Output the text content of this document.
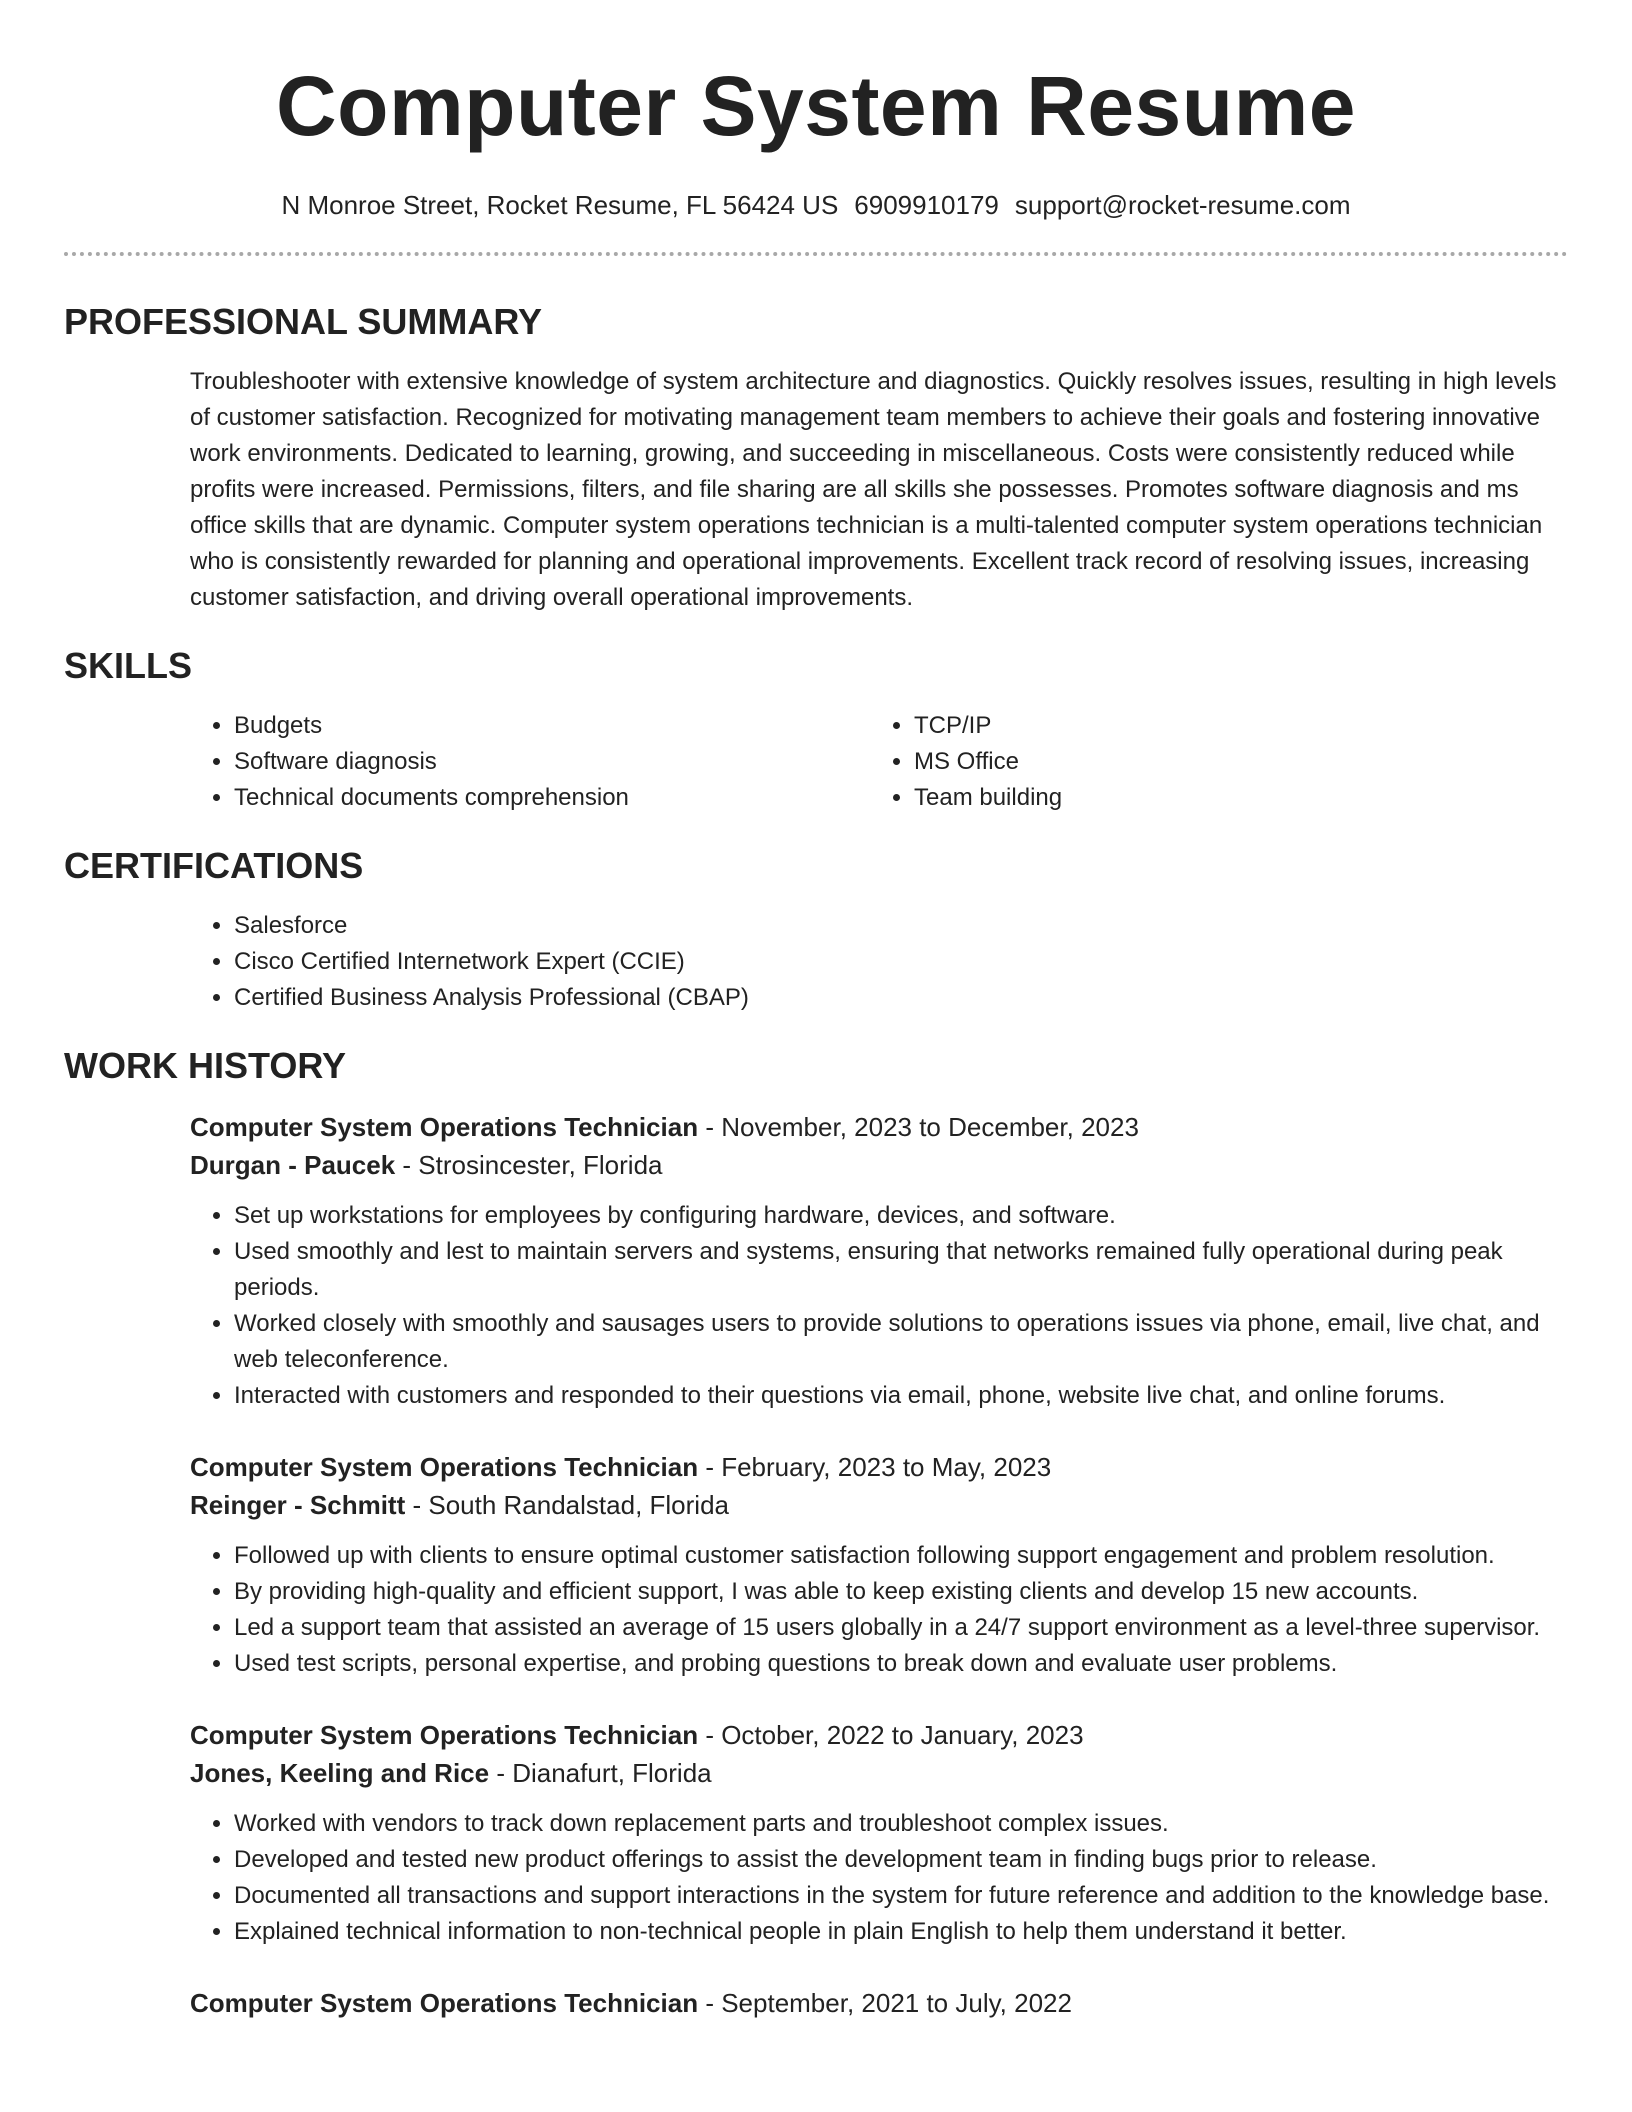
Computer System Resume
N Monroe Street, Rocket Resume, FL 56424 US 6909910179 support@rocket-resume.com
PROFESSIONAL SUMMARY

Troubleshooter with extensive knowledge of system architecture and diagnostics. Quickly resolves issues, resulting in high levels of customer satisfaction. Recognized for motivating management team members to achieve their goals and fostering innovative work environments. Dedicated to learning, growing, and succeeding in miscellaneous. Costs were consistently reduced while profits were increased. Permissions, filters, and file sharing are all skills she possesses. Promotes software diagnosis and ms office skills that are dynamic. Computer system operations technician is a multi-talented computer system operations technician who is consistently rewarded for planning and operational improvements. Excellent track record of resolving issues, increasing customer satisfaction, and driving overall operational improvements.

SKILLS
• Budgets
• Software diagnosis
• Technical documents comprehension
• TCP/IP
• MS Office
• Team building
CERTIFICATIONS
• Salesforce
• Cisco Certified Internetwork Expert (CCIE)
• Certified Business Analysis Professional (CBAP)
WORK HISTORY
Computer System Operations Technician - November, 2023 to December, 2023
Durgan - Paucek - Strosincester, Florida
• Set up workstations for employees by configuring hardware, devices, and software.
• Used smoothly and lest to maintain servers and systems, ensuring that networks remained fully operational during peak periods.
• Worked closely with smoothly and sausages users to provide solutions to operations issues via phone, email, live chat, and web teleconference.
• Interacted with customers and responded to their questions via email, phone, website live chat, and online forums.
Computer System Operations Technician - February, 2023 to May, 2023
Reinger - Schmitt - South Randalstad, Florida
• Followed up with clients to ensure optimal customer satisfaction following support engagement and problem resolution.
• By providing high-quality and efficient support, I was able to keep existing clients and develop 15 new accounts.
• Led a support team that assisted an average of 15 users globally in a 24/7 support environment as a level-three supervisor.
• Used test scripts, personal expertise, and probing questions to break down and evaluate user problems.
Computer System Operations Technician - October, 2022 to January, 2023
Jones, Keeling and Rice - Dianafurt, Florida
• Worked with vendors to track down replacement parts and troubleshoot complex issues.
• Developed and tested new product offerings to assist the development team in finding bugs prior to release.
• Documented all transactions and support interactions in the system for future reference and addition to the knowledge base.
• Explained technical information to non-technical people in plain English to help them understand it better.
Computer System Operations Technician - September, 2021 to July, 2022
